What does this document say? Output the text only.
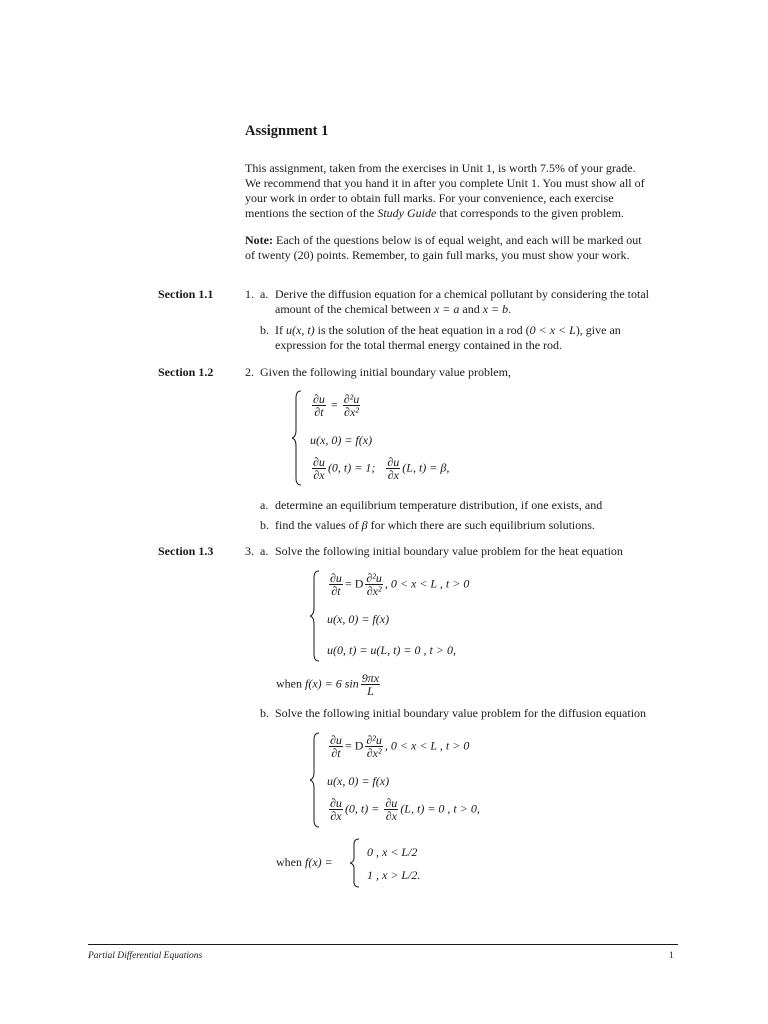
Assignment 1
This assignment, taken from the exercises in Unit 1, is worth 7.5% of your grade.
We recommend that you hand it in after you complete Unit 1. You must show all of
your work in order to obtain full marks. For your convenience, each exercise
mentions the section of the Study Guide that corresponds to the given problem.
Note: Each of the questions below is of equal weight, and each will be marked out
of twenty (20) points. Remember, to gain full marks, you must show your work.
Section 1.1	1. a. Derive the diffusion equation for a chemical pollutant by considering the total
amount of the chemical between x = a and x = b.
b. If u(x, t) is the solution of the heat equation in a rod (0 < x < L), give an
expression for the total thermal energy contained in the rod.
Section 1.2	2. Given the following initial boundary value problem,
$\frac{\partial u}{\partial t} = \frac{\text{∂²u}}{\text{∂x²}}$
u(x, 0) = f(x)
$\frac{\partial u}{\partial x} (0$, t) = 1; $\frac{\partial u}{\partial x} (L$, t) = β,
a. determine an equilibrium temperature distribution, if one exists, and
b. find the values of β for which there are such equilibrium solutions.
Section 1.3	3. a. Solve the following initial boundary value problem for the heat equation
$\frac{\partial u}{\partial t} = D \frac{\text{∂²u}}{\text{∂x²}}$ , 0 < x < L , t > 0
u(x, 0) = f(x)
u(0, t) = u(L, t) = 0 , t > 0,
when f(x) = 6 $\sin \frac{9\pi x}{L}$
b. Solve the following initial boundary value problem for the diffusion equation
$\frac{\partial u}{\partial t} = D \frac{\text{∂²u}}{\text{∂x²}}$ , 0 < x < L , t > 0
u(x, 0) = f(x)
$\frac{\partial u}{\partial x} (0$, $t) = \frac{\partial u}{\partial x} (L$, t) = 0 , t > 0,
when f(x) =
0 , x < L/2
1 , x > L/2.
Partial Differential Equations	1
